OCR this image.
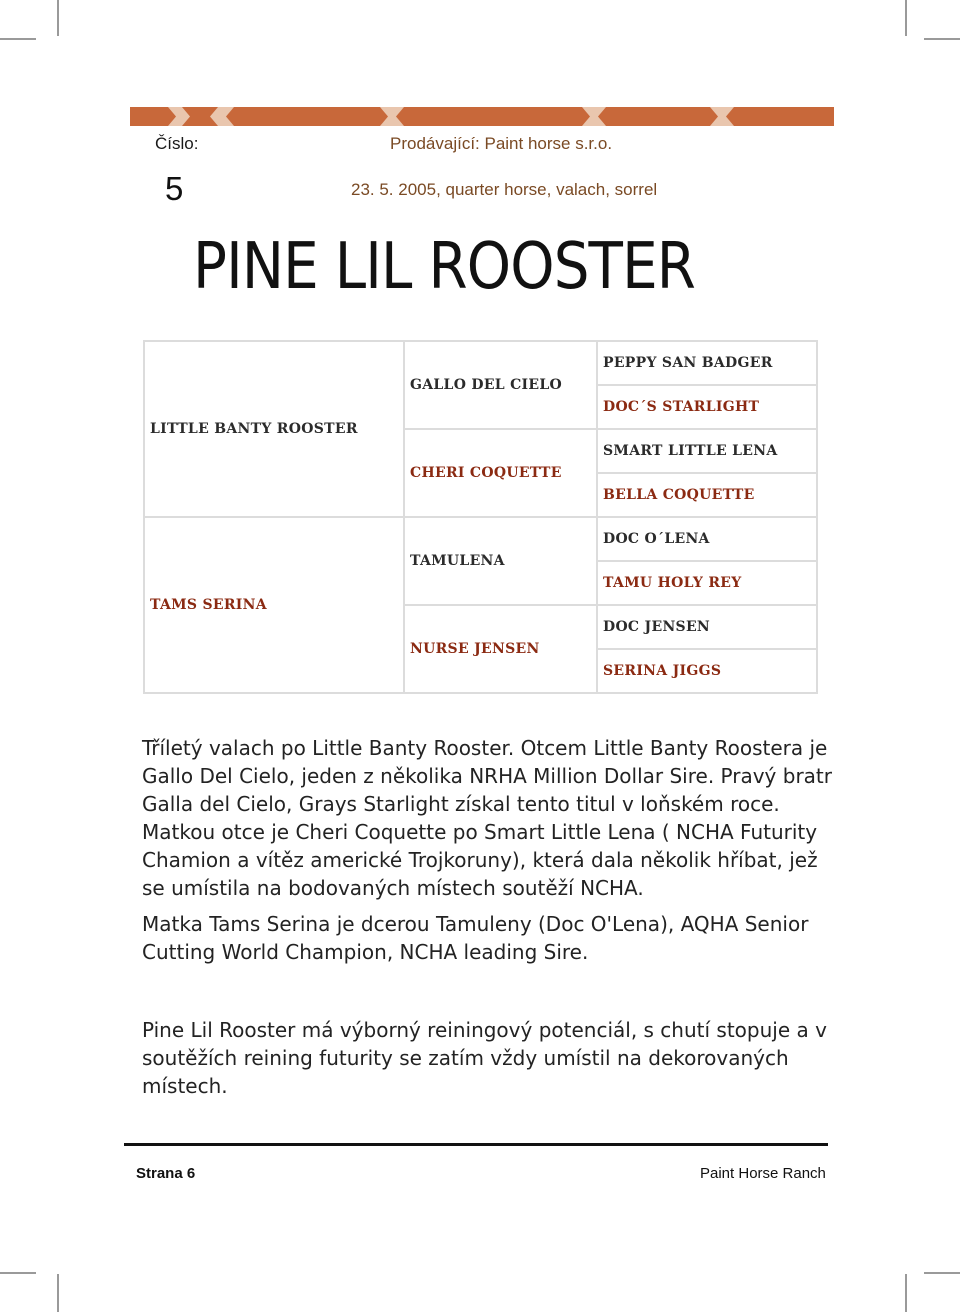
Číslo:	Prodávající: Paint horse s.r.o.
5	23. 5. 2005, quarter horse, valach, sorrel
PINE LIL ROOSTER
LITTLE BANTY ROOSTER	GALLO DEL CIELO	PEPPY SAN BADGER
		DOC´S STARLIGHT
	CHERI COQUETTE	SMART LITTLE LENA
		BELLA COQUETTE
TAMS SERINA	TAMULENA	DOC O´LENA
		TAMU HOLY REY
	NURSE JENSEN	DOC JENSEN
		SERINA JIGGS
Tříletý valach po Little Banty Rooster. Otcem Little Banty Roostera je Gallo Del Cielo, jeden z několika NRHA Million Dollar Sire. Pravý bratr Galla del Cielo, Grays Starlight získal tento titul v loňském roce. Matkou otce je Cheri Coquette po Smart Little Lena ( NCHA Futurity Chamion a vítěz americké Trojkoruny), která dala několik hříbat, jež se umístila na bodovaných místech soutěží NCHA.
Matka Tams Serina je dcerou Tamuleny (Doc O'Lena), AQHA Senior Cutting World Champion, NCHA leading Sire.
Pine Lil Rooster má výborný reiningový potenciál, s chutí stopuje a v soutěžích reining futurity se zatím vždy umístil na dekorovaných místech.
Strana 6	Paint Horse Ranch
